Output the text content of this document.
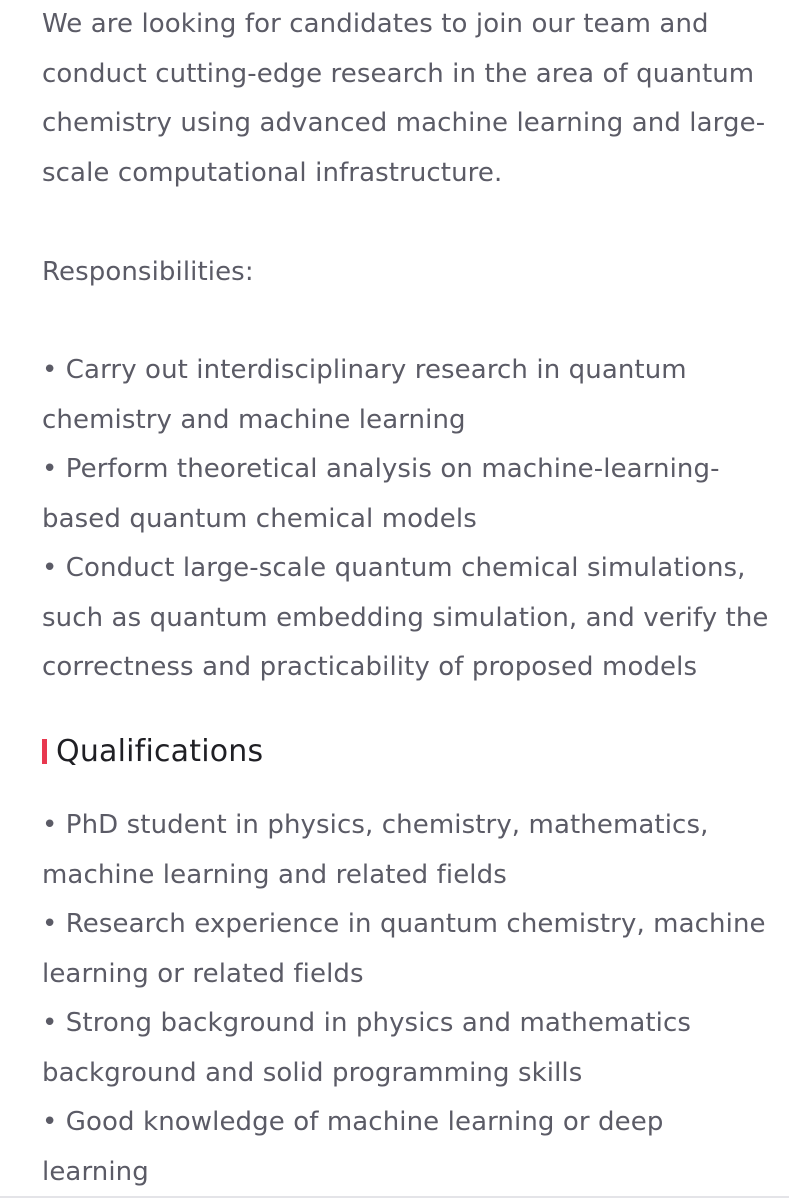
We are looking for candidates to join our team and
conduct cutting-edge research in the area of quantum
chemistry using advanced machine learning and large-
scale computational infrastructure.
Responsibilities:
• Carry out interdisciplinary research in quantum
chemistry and machine learning
• Perform theoretical analysis on machine-learning-
based quantum chemical models
• Conduct large-scale quantum chemical simulations,
such as quantum embedding simulation, and verify the
correctness and practicability of proposed models
Qualifications
• PhD student in physics, chemistry, mathematics,
machine learning and related fields
• Research experience in quantum chemistry, machine
learning or related fields
• Strong background in physics and mathematics
background and solid programming skills
• Good knowledge of machine learning or deep
learning
